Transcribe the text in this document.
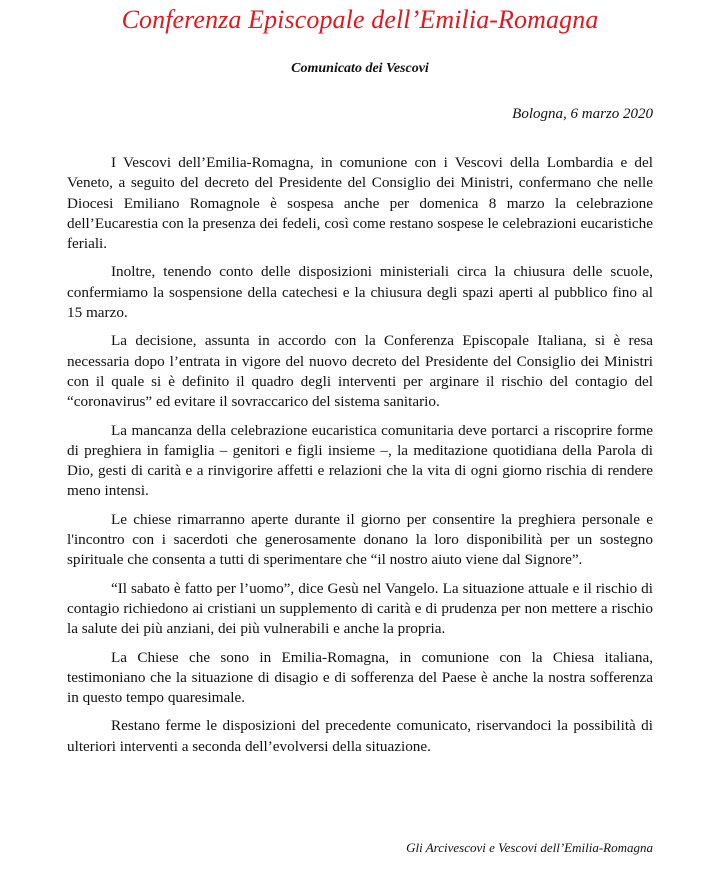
Conferenza Episcopale dell’Emilia-Romagna
Comunicato dei Vescovi
Bologna, 6 marzo 2020

I Vescovi dell’Emilia-Romagna, in comunione con i Vescovi della Lombardia e del Veneto, a seguito del decreto del Presidente del Consiglio dei Ministri, confermano che nelle Diocesi Emiliano Romagnole è sospesa anche per domenica 8 marzo la celebrazione dell’Eucarestia con la presenza dei fedeli, così come restano sospese le celebrazioni eucaristiche feriali.

Inoltre, tenendo conto delle disposizioni ministeriali circa la chiusura delle scuole, confermiamo la sospensione della catechesi e la chiusura degli spazi aperti al pubblico fino al 15 marzo.

La decisione, assunta in accordo con la Conferenza Episcopale Italiana, si è resa necessaria dopo l’entrata in vigore del nuovo decreto del Presidente del Consiglio dei Ministri con il quale si è definito il quadro degli interventi per arginare il rischio del contagio del “coronavirus” ed evitare il sovraccarico del sistema sanitario.

La mancanza della celebrazione eucaristica comunitaria deve portarci a riscoprire forme di preghiera in famiglia – genitori e figli insieme –, la meditazione quotidiana della Parola di Dio, gesti di carità e a rinvigorire affetti e relazioni che la vita di ogni giorno rischia di rendere meno intensi.

Le chiese rimarranno aperte durante il giorno per consentire la preghiera personale e l'incontro con i sacerdoti che generosamente donano la loro disponibilità per un sostegno spirituale che consenta a tutti di sperimentare che “il nostro aiuto viene dal Signore”.

“Il sabato è fatto per l’uomo”, dice Gesù nel Vangelo. La situazione attuale e il rischio di contagio richiedono ai cristiani un supplemento di carità e di prudenza per non mettere a rischio la salute dei più anziani, dei più vulnerabili e anche la propria.

La Chiese che sono in Emilia-Romagna, in comunione con la Chiesa italiana, testimoniano che la situazione di disagio e di sofferenza del Paese è anche la nostra sofferenza in questo tempo quaresimale.

Restano ferme le disposizioni del precedente comunicato, riservandoci la possibilità di ulteriori interventi a seconda dell’evolversi della situazione.

Gli Arcivescovi e Vescovi dell’Emilia-Romagna
